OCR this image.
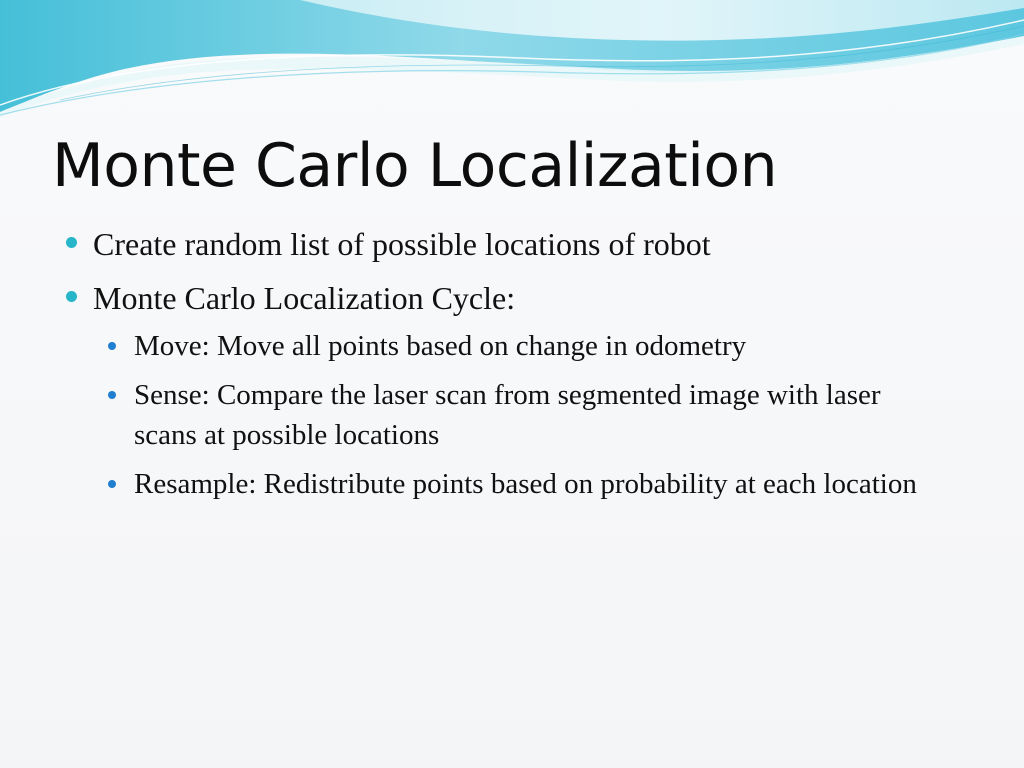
Monte Carlo Localization
Create random list of possible locations of robot
Monte Carlo Localization Cycle:
Move: Move all points based on change in odometry
Sense: Compare the laser scan from segmented image with laser scans at possible locations
Resample: Redistribute points based on probability at each location
